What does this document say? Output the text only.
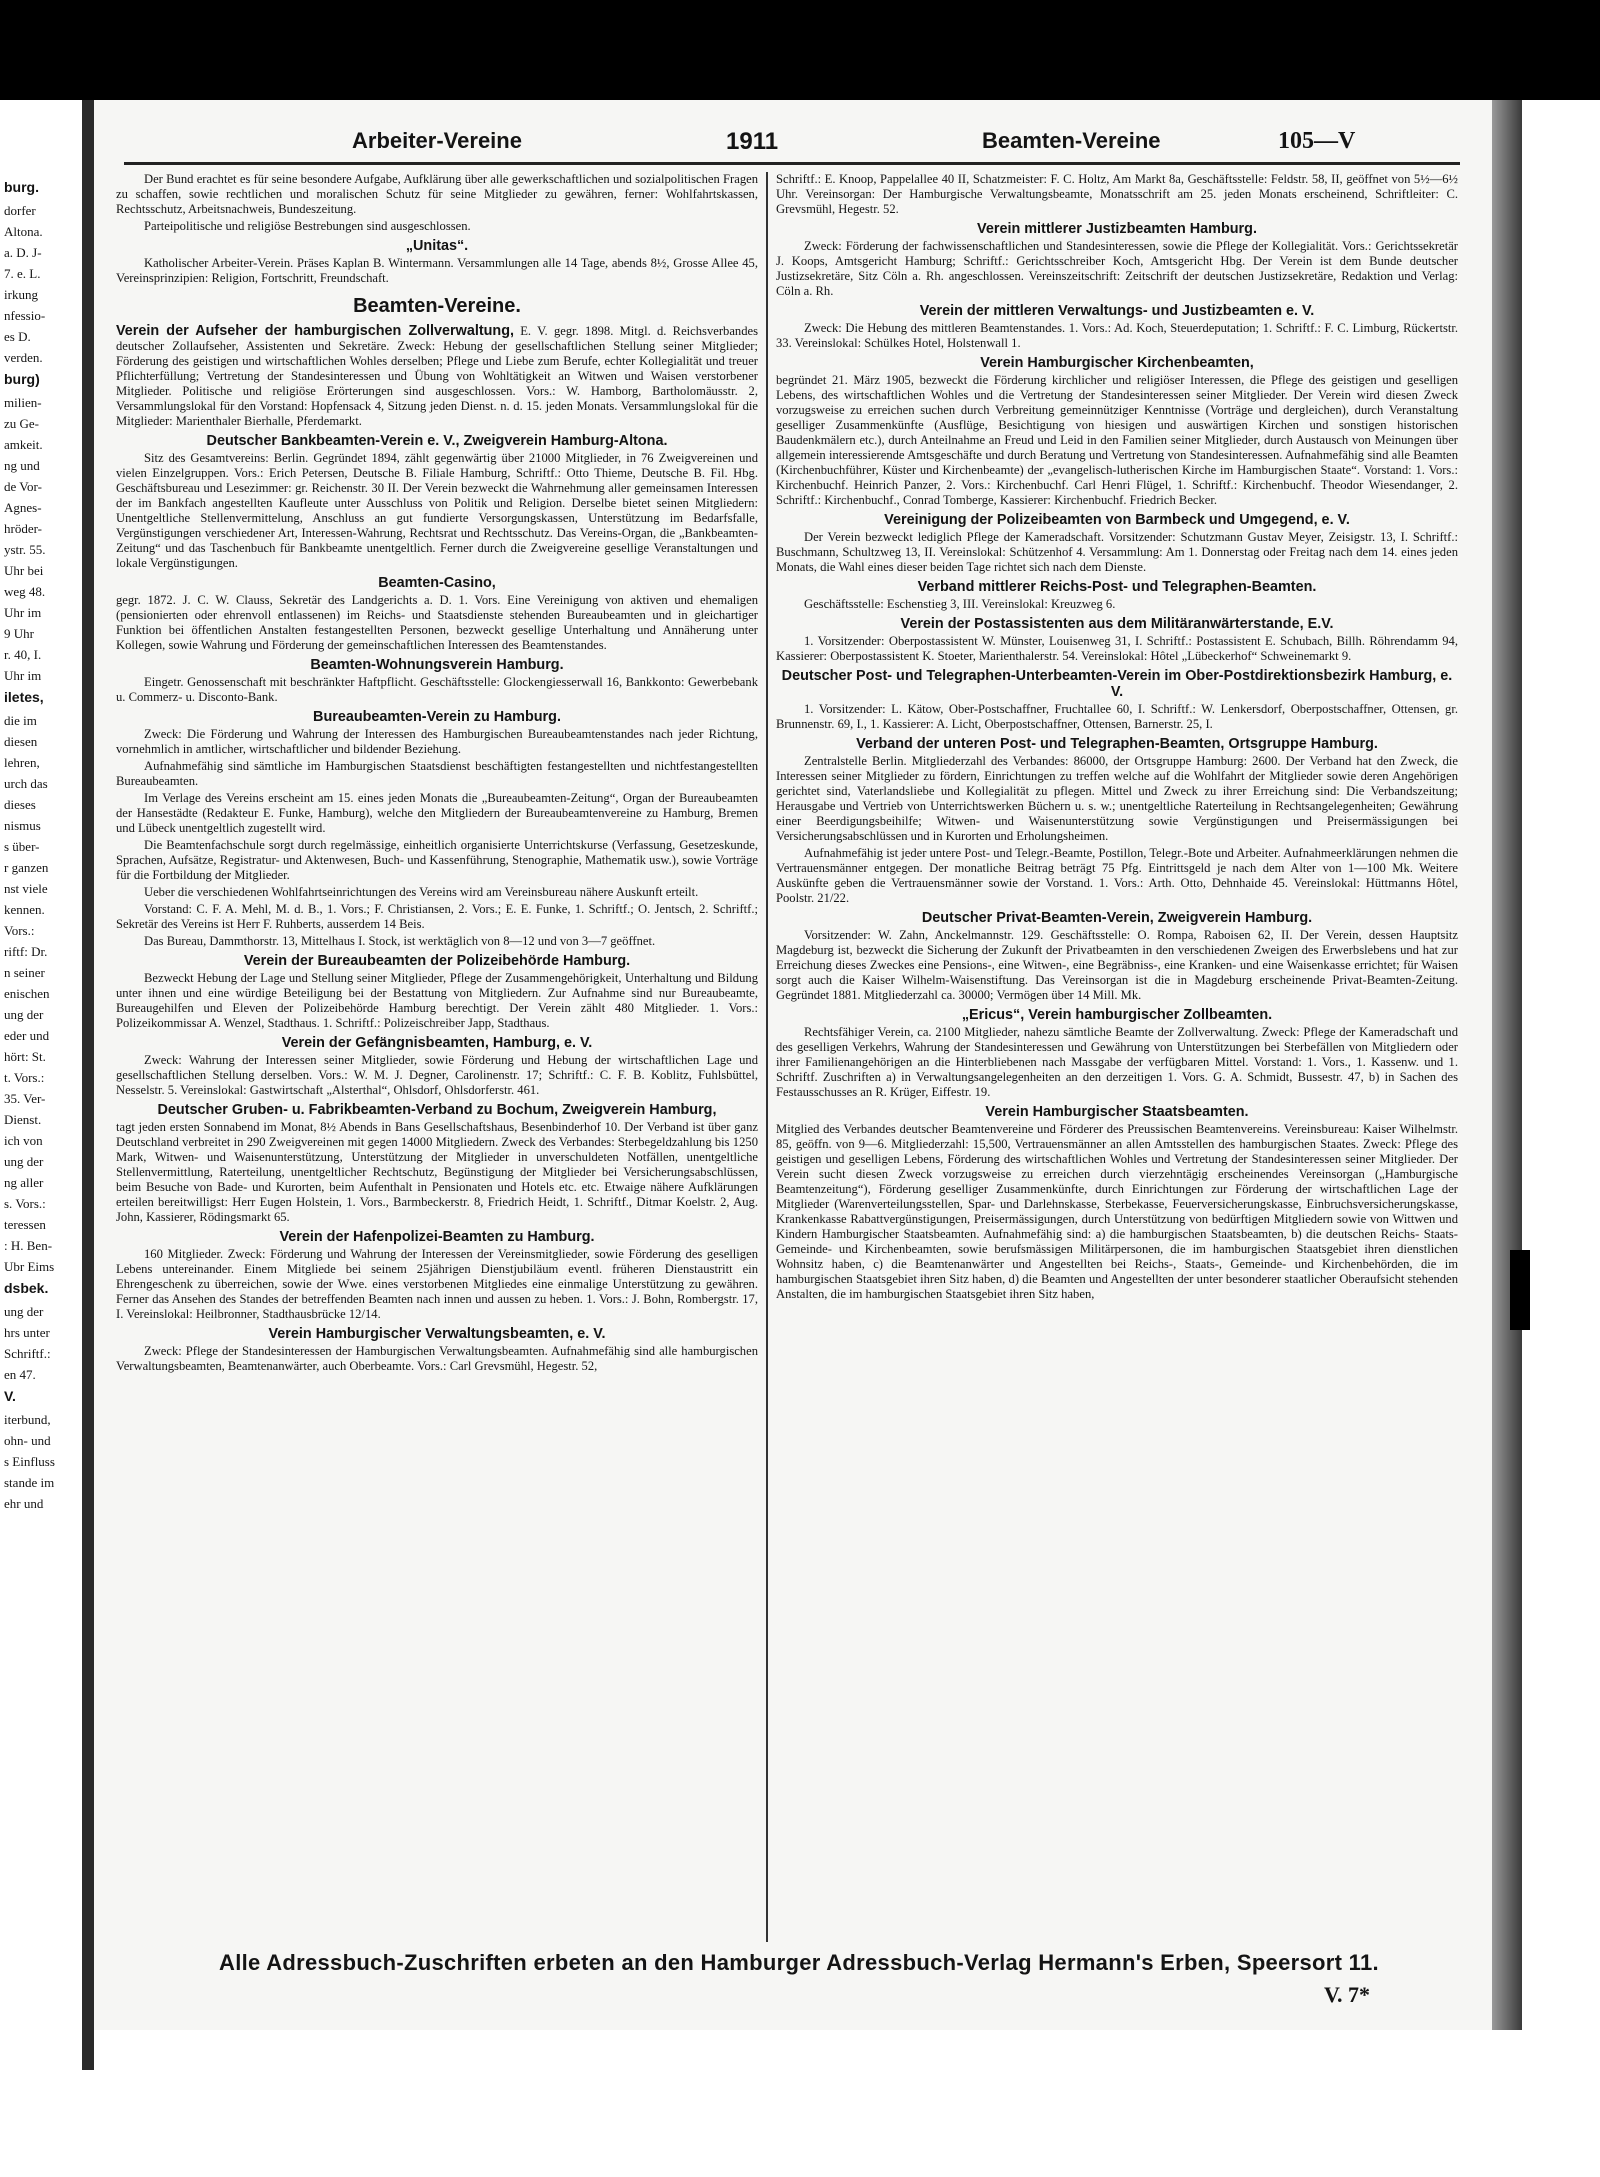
burg.
dorfer
Altona.
a. D. J-
7. e. L.
irkung
nfessio-
es D.
verden.
burg)
milien-
zu Ge-
amkeit.
ng und
de Vor-
Agnes-
hröder-
ystr. 55.
Uhr bei
weg 48.
Uhr im
9 Uhr
r. 40, I.
Uhr im
iletes,
die im
diesen
lehren,
urch das
dieses
nismus
s über-
r ganzen
nst viele
kennen.
Vors.:
riftf: Dr.
n seiner
enischen
ung der
eder und
hört: St.
t. Vors.:
35. Ver-
Dienst.
ich von
ung der
ng aller
s. Vors.:
teressen
: H. Ben-
Ubr Eims
dsbek.
ung der
hrs unter
Schriftf.:
en 47.
V.
iterbund,
ohn- und
s Einfluss
stande im
ehr und
Arbeiter-Vereine	1911	Beamten-Vereine	105—V
Der Bund erachtet es für seine besondere Aufgabe, Aufklärung über alle gewerkschaftlichen und sozialpolitischen Fragen zu schaffen, sowie rechtlichen und moralischen Schutz für seine Mitglieder zu gewähren, ferner: Wohlfahrtskassen, Rechtsschutz, Arbeitsnachweis, Bundeszeitung.
Parteipolitische und religiöse Bestrebungen sind ausgeschlossen.
„Unitas“.
Katholischer Arbeiter-Verein. Präses Kaplan B. Wintermann. Versammlungen alle 14 Tage, abends 8½, Grosse Allee 45, Vereinsprinzipien: Religion, Fortschritt, Freundschaft.
Beamten-Vereine.
Verein der Aufseher der hamburgischen Zollverwaltung, E. V. gegr. 1898. Mitgl. d. Reichsverbandes deutscher Zollaufseher, Assistenten und Sekretäre. Zweck: Hebung der gesellschaftlichen Stellung seiner Mitglieder; Förderung des geistigen und wirtschaftlichen Wohles derselben; Pflege und Liebe zum Berufe, echter Kollegialität und treuer Pflichterfüllung; Vertretung der Standesinteressen und Übung von Wohltätigkeit an Witwen und Waisen verstorbener Mitglieder. Politische und religiöse Erörterungen sind ausgeschlossen. Vors.: W. Hamborg, Bartholomäusstr. 2, Versammlungslokal für den Vorstand: Hopfensack 4, Sitzung jeden Dienst. n. d. 15. jeden Monats. Versammlungslokal für die Mitglieder: Marienthaler Bierhalle, Pferdemarkt.
Deutscher Bankbeamten-Verein e. V., Zweigverein Hamburg-Altona.
Sitz des Gesamtvereins: Berlin. Gegründet 1894, zählt gegenwärtig über 21000 Mitglieder, in 76 Zweigvereinen und vielen Einzelgruppen. Vors.: Erich Petersen, Deutsche B. Filiale Hamburg, Schriftf.: Otto Thieme, Deutsche B. Fil. Hbg. Geschäftsbureau und Lesezimmer: gr. Reichenstr. 30 II. Der Verein bezweckt die Wahrnehmung aller gemeinsamen Interessen der im Bankfach angestellten Kaufleute unter Ausschluss von Politik und Religion. Derselbe bietet seinen Mitgliedern: Unentgeltliche Stellenvermittelung, Anschluss an gut fundierte Versorgungskassen, Unterstützung im Bedarfsfalle, Vergünstigungen verschiedener Art, Interessen-Wahrung, Rechtsrat und Rechtsschutz. Das Vereins-Organ, die „Bankbeamten-Zeitung“ und das Taschenbuch für Bankbeamte unentgeltlich. Ferner durch die Zweigvereine gesellige Veranstaltungen und lokale Vergünstigungen.
Beamten-Casino,
gegr. 1872. J. C. W. Clauss, Sekretär des Landgerichts a. D. 1. Vors. Eine Vereinigung von aktiven und ehemaligen (pensionierten oder ehrenvoll entlassenen) im Reichs- und Staatsdienste stehenden Bureaubeamten und in gleichartiger Funktion bei öffentlichen Anstalten festangestellten Personen, bezweckt gesellige Unterhaltung und Annäherung unter Kollegen, sowie Wahrung und Förderung der gemeinschaftlichen Interessen des Beamtenstandes.
Beamten-Wohnungsverein Hamburg.
Eingetr. Genossenschaft mit beschränkter Haftpflicht. Geschäftsstelle: Glockengiesserwall 16, Bankkonto: Gewerbebank u. Commerz- u. Disconto-Bank.
Bureaubeamten-Verein zu Hamburg.
Zweck: Die Förderung und Wahrung der Interessen des Hamburgischen Bureaubeamtenstandes nach jeder Richtung, vornehmlich in amtlicher, wirtschaftlicher und bildender Beziehung.
Aufnahmefähig sind sämtliche im Hamburgischen Staatsdienst beschäftigten festangestellten und nichtfestangestellten Bureaubeamten.
Im Verlage des Vereins erscheint am 15. eines jeden Monats die „Bureaubeamten-Zeitung“, Organ der Bureaubeamten der Hansestädte (Redakteur E. Funke, Hamburg), welche den Mitgliedern der Bureaubeamtenvereine zu Hamburg, Bremen und Lübeck unentgeltlich zugestellt wird.
Die Beamtenfachschule sorgt durch regelmässige, einheitlich organisierte Unterrichtskurse (Verfassung, Gesetzeskunde, Sprachen, Aufsätze, Registratur- und Aktenwesen, Buch- und Kassenführung, Stenographie, Mathematik usw.), sowie Vorträge für die Fortbildung der Mitglieder.
Ueber die verschiedenen Wohlfahrtseinrichtungen des Vereins wird am Vereinsbureau nähere Auskunft erteilt.
Vorstand: C. F. A. Mehl, M. d. B., 1. Vors.; F. Christiansen, 2. Vors.; E. E. Funke, 1. Schriftf.; O. Jentsch, 2. Schriftf.; Sekretär des Vereins ist Herr F. Ruhberts, ausserdem 14 Beis.
Das Bureau, Dammthorstr. 13, Mittelhaus I. Stock, ist werktäglich von 8—12 und von 3—7 geöffnet.
Verein der Bureaubeamten der Polizeibehörde Hamburg.
Bezweckt Hebung der Lage und Stellung seiner Mitglieder, Pflege der Zusammengehörigkeit, Unterhaltung und Bildung unter ihnen und eine würdige Beteiligung bei der Bestattung von Mitgliedern. Zur Aufnahme sind nur Bureaubeamte, Bureaugehilfen und Eleven der Polizeibehörde Hamburg berechtigt. Der Verein zählt 480 Mitglieder. 1. Vors.: Polizeikommissar A. Wenzel, Stadthaus. 1. Schriftf.: Polizeischreiber Japp, Stadthaus.
Verein der Gefängnisbeamten, Hamburg, e. V.
Zweck: Wahrung der Interessen seiner Mitglieder, sowie Förderung und Hebung der wirtschaftlichen Lage und gesellschaftlichen Stellung derselben. Vors.: W. M. J. Degner, Carolinenstr. 17; Schriftf.: C. F. B. Koblitz, Fuhlsbüttel, Nesselstr. 5. Vereinslokal: Gastwirtschaft „Alsterthal“, Ohlsdorf, Ohlsdorferstr. 461.
Deutscher Gruben- u. Fabrikbeamten-Verband zu Bochum, Zweigverein Hamburg,
tagt jeden ersten Sonnabend im Monat, 8½ Abends in Bans Gesellschaftshaus, Besenbinderhof 10. Der Verband ist über ganz Deutschland verbreitet in 290 Zweigvereinen mit gegen 14000 Mitgliedern. Zweck des Verbandes: Sterbegeldzahlung bis 1250 Mark, Witwen- und Waisenunterstützung, Unterstützung der Mitglieder in unverschuldeten Notfällen, unentgeltliche Stellenvermittlung, Raterteilung, unentgeltlicher Rechtschutz, Begünstigung der Mitglieder bei Versicherungsabschlüssen, beim Besuche von Bade- und Kurorten, beim Aufenthalt in Pensionaten und Hotels etc. etc. Etwaige nähere Aufklärungen erteilen bereitwilligst: Herr Eugen Holstein, 1. Vors., Barmbeckerstr. 8, Friedrich Heidt, 1. Schriftf., Ditmar Koelstr. 2, Aug. John, Kassierer, Rödingsmarkt 65.
Verein der Hafenpolizei-Beamten zu Hamburg.
160 Mitglieder. Zweck: Förderung und Wahrung der Interessen der Vereinsmitglieder, sowie Förderung des geselligen Lebens untereinander. Einem Mitgliede bei seinem 25jährigen Dienstjubiläum eventl. früheren Dienstaustritt ein Ehrengeschenk zu überreichen, sowie der Wwe. eines verstorbenen Mitgliedes eine einmalige Unterstützung zu gewähren. Ferner das Ansehen des Standes der betreffenden Beamten nach innen und aussen zu heben. 1. Vors.: J. Bohn, Rombergstr. 17, I. Vereinslokal: Heilbronner, Stadthausbrücke 12/14.
Verein Hamburgischer Verwaltungsbeamten, e. V.
Zweck: Pflege der Standesinteressen der Hamburgischen Verwaltungsbeamten. Aufnahmefähig sind alle hamburgischen Verwaltungsbeamten, Beamtenanwärter, auch Oberbeamte. Vors.: Carl Grevsmühl, Hegestr. 52,
Schriftf.: E. Knoop, Pappelallee 40 II, Schatzmeister: F. C. Holtz, Am Markt 8a, Geschäftsstelle: Feldstr. 58, II, geöffnet von 5½—6½ Uhr. Vereinsorgan: Der Hamburgische Verwaltungsbeamte, Monatsschrift am 25. jeden Monats erscheinend, Schriftleiter: C. Grevsmühl, Hegestr. 52.
Verein mittlerer Justizbeamten Hamburg.
Zweck: Förderung der fachwissenschaftlichen und Standesinteressen, sowie die Pflege der Kollegialität. Vors.: Gerichtssekretär J. Koops, Amtsgericht Hamburg; Schriftf.: Gerichtsschreiber Koch, Amtsgericht Hbg. Der Verein ist dem Bunde deutscher Justizsekretäre, Sitz Cöln a. Rh. angeschlossen. Vereinszeitschrift: Zeitschrift der deutschen Justizsekretäre, Redaktion und Verlag: Cöln a. Rh.
Verein der mittleren Verwaltungs- und Justizbeamten e. V.
Zweck: Die Hebung des mittleren Beamtenstandes. 1. Vors.: Ad. Koch, Steuerdeputation; 1. Schriftf.: F. C. Limburg, Rückertstr. 33. Vereinslokal: Schülkes Hotel, Holstenwall 1.
Verein Hamburgischer Kirchenbeamten,
begründet 21. März 1905, bezweckt die Förderung kirchlicher und religiöser Interessen, die Pflege des geistigen und geselligen Lebens, des wirtschaftlichen Wohles und die Vertretung der Standesinteressen seiner Mitglieder. Der Verein wird diesen Zweck vorzugsweise zu erreichen suchen durch Verbreitung gemeinnütziger Kenntnisse (Vorträge und dergleichen), durch Veranstaltung geselliger Zusammenkünfte (Ausflüge, Besichtigung von hiesigen und auswärtigen Kirchen und sonstigen historischen Baudenkmälern etc.), durch Anteilnahme an Freud und Leid in den Familien seiner Mitglieder, durch Austausch von Meinungen über allgemein interessierende Amtsgeschäfte und durch Beratung und Vertretung von Standesinteressen. Aufnahmefähig sind alle Beamten (Kirchenbuchführer, Küster und Kirchenbeamte) der „evangelisch-lutherischen Kirche im Hamburgischen Staate“. Vorstand: 1. Vors.: Kirchenbuchf. Heinrich Panzer, 2. Vors.: Kirchenbuchf. Carl Henri Flügel, 1. Schriftf.: Kirchenbuchf. Theodor Wiesendanger, 2. Schriftf.: Kirchenbuchf., Conrad Tomberge, Kassierer: Kirchenbuchf. Friedrich Becker.
Vereinigung der Polizeibeamten von Barmbeck und Umgegend, e. V.
Der Verein bezweckt lediglich Pflege der Kameradschaft. Vorsitzender: Schutzmann Gustav Meyer, Zeisigstr. 13, I. Schriftf.: Buschmann, Schultzweg 13, II. Vereinslokal: Schützenhof 4. Versammlung: Am 1. Donnerstag oder Freitag nach dem 14. eines jeden Monats, die Wahl eines dieser beiden Tage richtet sich nach dem Dienste.
Verband mittlerer Reichs-Post- und Telegraphen-Beamten.
Geschäftsstelle: Eschenstieg 3, III. Vereinslokal: Kreuzweg 6.
Verein der Postassistenten aus dem Militäranwärterstande, E.V.
1. Vorsitzender: Oberpostassistent W. Münster, Louisenweg 31, I. Schriftf.: Postassistent E. Schubach, Billh. Röhrendamm 94, Kassierer: Oberpostassistent K. Stoeter, Marienthalerstr. 54. Vereinslokal: Hôtel „Lübeckerhof“ Schweinemarkt 9.
Deutscher Post- und Telegraphen-Unterbeamten-Verein im Ober-Postdirektionsbezirk Hamburg, e. V.
1. Vorsitzender: L. Kätow, Ober-Postschaffner, Fruchtallee 60, I. Schriftf.: W. Lenkersdorf, Oberpostschaffner, Ottensen, gr. Brunnenstr. 69, I., 1. Kassierer: A. Licht, Oberpostschaffner, Ottensen, Barnerstr. 25, I.
Verband der unteren Post- und Telegraphen-Beamten, Ortsgruppe Hamburg.
Zentralstelle Berlin. Mitgliederzahl des Verbandes: 86000, der Ortsgruppe Hamburg: 2600. Der Verband hat den Zweck, die Interessen seiner Mitglieder zu fördern, Einrichtungen zu treffen welche auf die Wohlfahrt der Mitglieder sowie deren Angehörigen gerichtet sind, Vaterlandsliebe und Kollegialität zu pflegen. Mittel und Zweck zu ihrer Erreichung sind: Die Verbandszeitung; Herausgabe und Vertrieb von Unterrichtswerken Büchern u. s. w.; unentgeltliche Raterteilung in Rechtsangelegenheiten; Gewährung einer Beerdigungsbeihilfe; Witwen- und Waisenunterstützung sowie Vergünstigungen und Preisermässigungen bei Versicherungsabschlüssen und in Kurorten und Erholungsheimen.
Aufnahmefähig ist jeder untere Post- und Telegr.-Beamte, Postillon, Telegr.-Bote und Arbeiter. Aufnahmeerklärungen nehmen die Vertrauensmänner entgegen. Der monatliche Beitrag beträgt 75 Pfg. Eintrittsgeld je nach dem Alter von 1—100 Mk. Weitere Auskünfte geben die Vertrauensmänner sowie der Vorstand. 1. Vors.: Arth. Otto, Dehnhaide 45. Vereinslokal: Hüttmanns Hôtel, Poolstr. 21/22.
Deutscher Privat-Beamten-Verein, Zweigverein Hamburg.
Vorsitzender: W. Zahn, Anckelmannstr. 129. Geschäftsstelle: O. Rompa, Raboisen 62, II. Der Verein, dessen Hauptsitz Magdeburg ist, bezweckt die Sicherung der Zukunft der Privatbeamten in den verschiedenen Zweigen des Erwerbslebens und hat zur Erreichung dieses Zweckes eine Pensions-, eine Witwen-, eine Begräbniss-, eine Kranken- und eine Waisenkasse errichtet; für Waisen sorgt auch die Kaiser Wilhelm-Waisenstiftung. Das Vereinsorgan ist die in Magdeburg erscheinende Privat-Beamten-Zeitung. Gegründet 1881. Mitgliederzahl ca. 30000; Vermögen über 14 Mill. Mk.
„Ericus“, Verein hamburgischer Zollbeamten.
Rechtsfähiger Verein, ca. 2100 Mitglieder, nahezu sämtliche Beamte der Zollverwaltung. Zweck: Pflege der Kameradschaft und des geselligen Verkehrs, Wahrung der Standesinteressen und Gewährung von Unterstützungen bei Sterbefällen von Mitgliedern oder ihrer Familienangehörigen an die Hinterbliebenen nach Massgabe der verfügbaren Mittel. Vorstand: 1. Vors., 1. Kassenw. und 1. Schriftf. Zuschriften a) in Verwaltungsangelegenheiten an den derzeitigen 1. Vors. G. A. Schmidt, Bussestr. 47, b) in Sachen des Festausschusses an R. Krüger, Eiffestr. 19.
Verein Hamburgischer Staatsbeamten.
Mitglied des Verbandes deutscher Beamtenvereine und Förderer des Preussischen Beamtenvereins. Vereinsbureau: Kaiser Wilhelmstr. 85, geöffn. von 9—6. Mitgliederzahl: 15,500, Vertrauensmänner an allen Amtsstellen des hamburgischen Staates. Zweck: Pflege des geistigen und geselligen Lebens, Förderung des wirtschaftlichen Wohles und Vertretung der Standesinteressen seiner Mitglieder. Der Verein sucht diesen Zweck vorzugsweise zu erreichen durch vierzehntägig erscheinendes Vereinsorgan („Hamburgische Beamtenzeitung“), Förderung geselliger Zusammenkünfte, durch Einrichtungen zur Förderung der wirtschaftlichen Lage der Mitglieder (Warenverteilungsstellen, Spar- und Darlehnskasse, Sterbekasse, Feuerversicherungskasse, Einbruchsversicherungskasse, Krankenkasse Rabattvergünstigungen, Preisermässigungen, durch Unterstützung von bedürftigen Mitgliedern sowie von Wittwen und Kindern Hamburgischer Staatsbeamten. Aufnahmefähig sind: a) die hamburgischen Staatsbeamten, b) die deutschen Reichs- Staats- Gemeinde- und Kirchenbeamten, sowie berufsmässigen Militärpersonen, die im hamburgischen Staatsgebiet ihren dienstlichen Wohnsitz haben, c) die Beamtenanwärter und Angestellten bei Reichs-, Staats-, Gemeinde- und Kirchenbehörden, die im hamburgischen Staatsgebiet ihren Sitz haben, d) die Beamten und Angestellten der unter besonderer staatlicher Oberaufsicht stehenden Anstalten, die im hamburgischen Staatsgebiet ihren Sitz haben,
Alle Adressbuch-Zuschriften erbeten an den Hamburger Adressbuch-Verlag Hermann's Erben, Speersort 11.
V. 7*
